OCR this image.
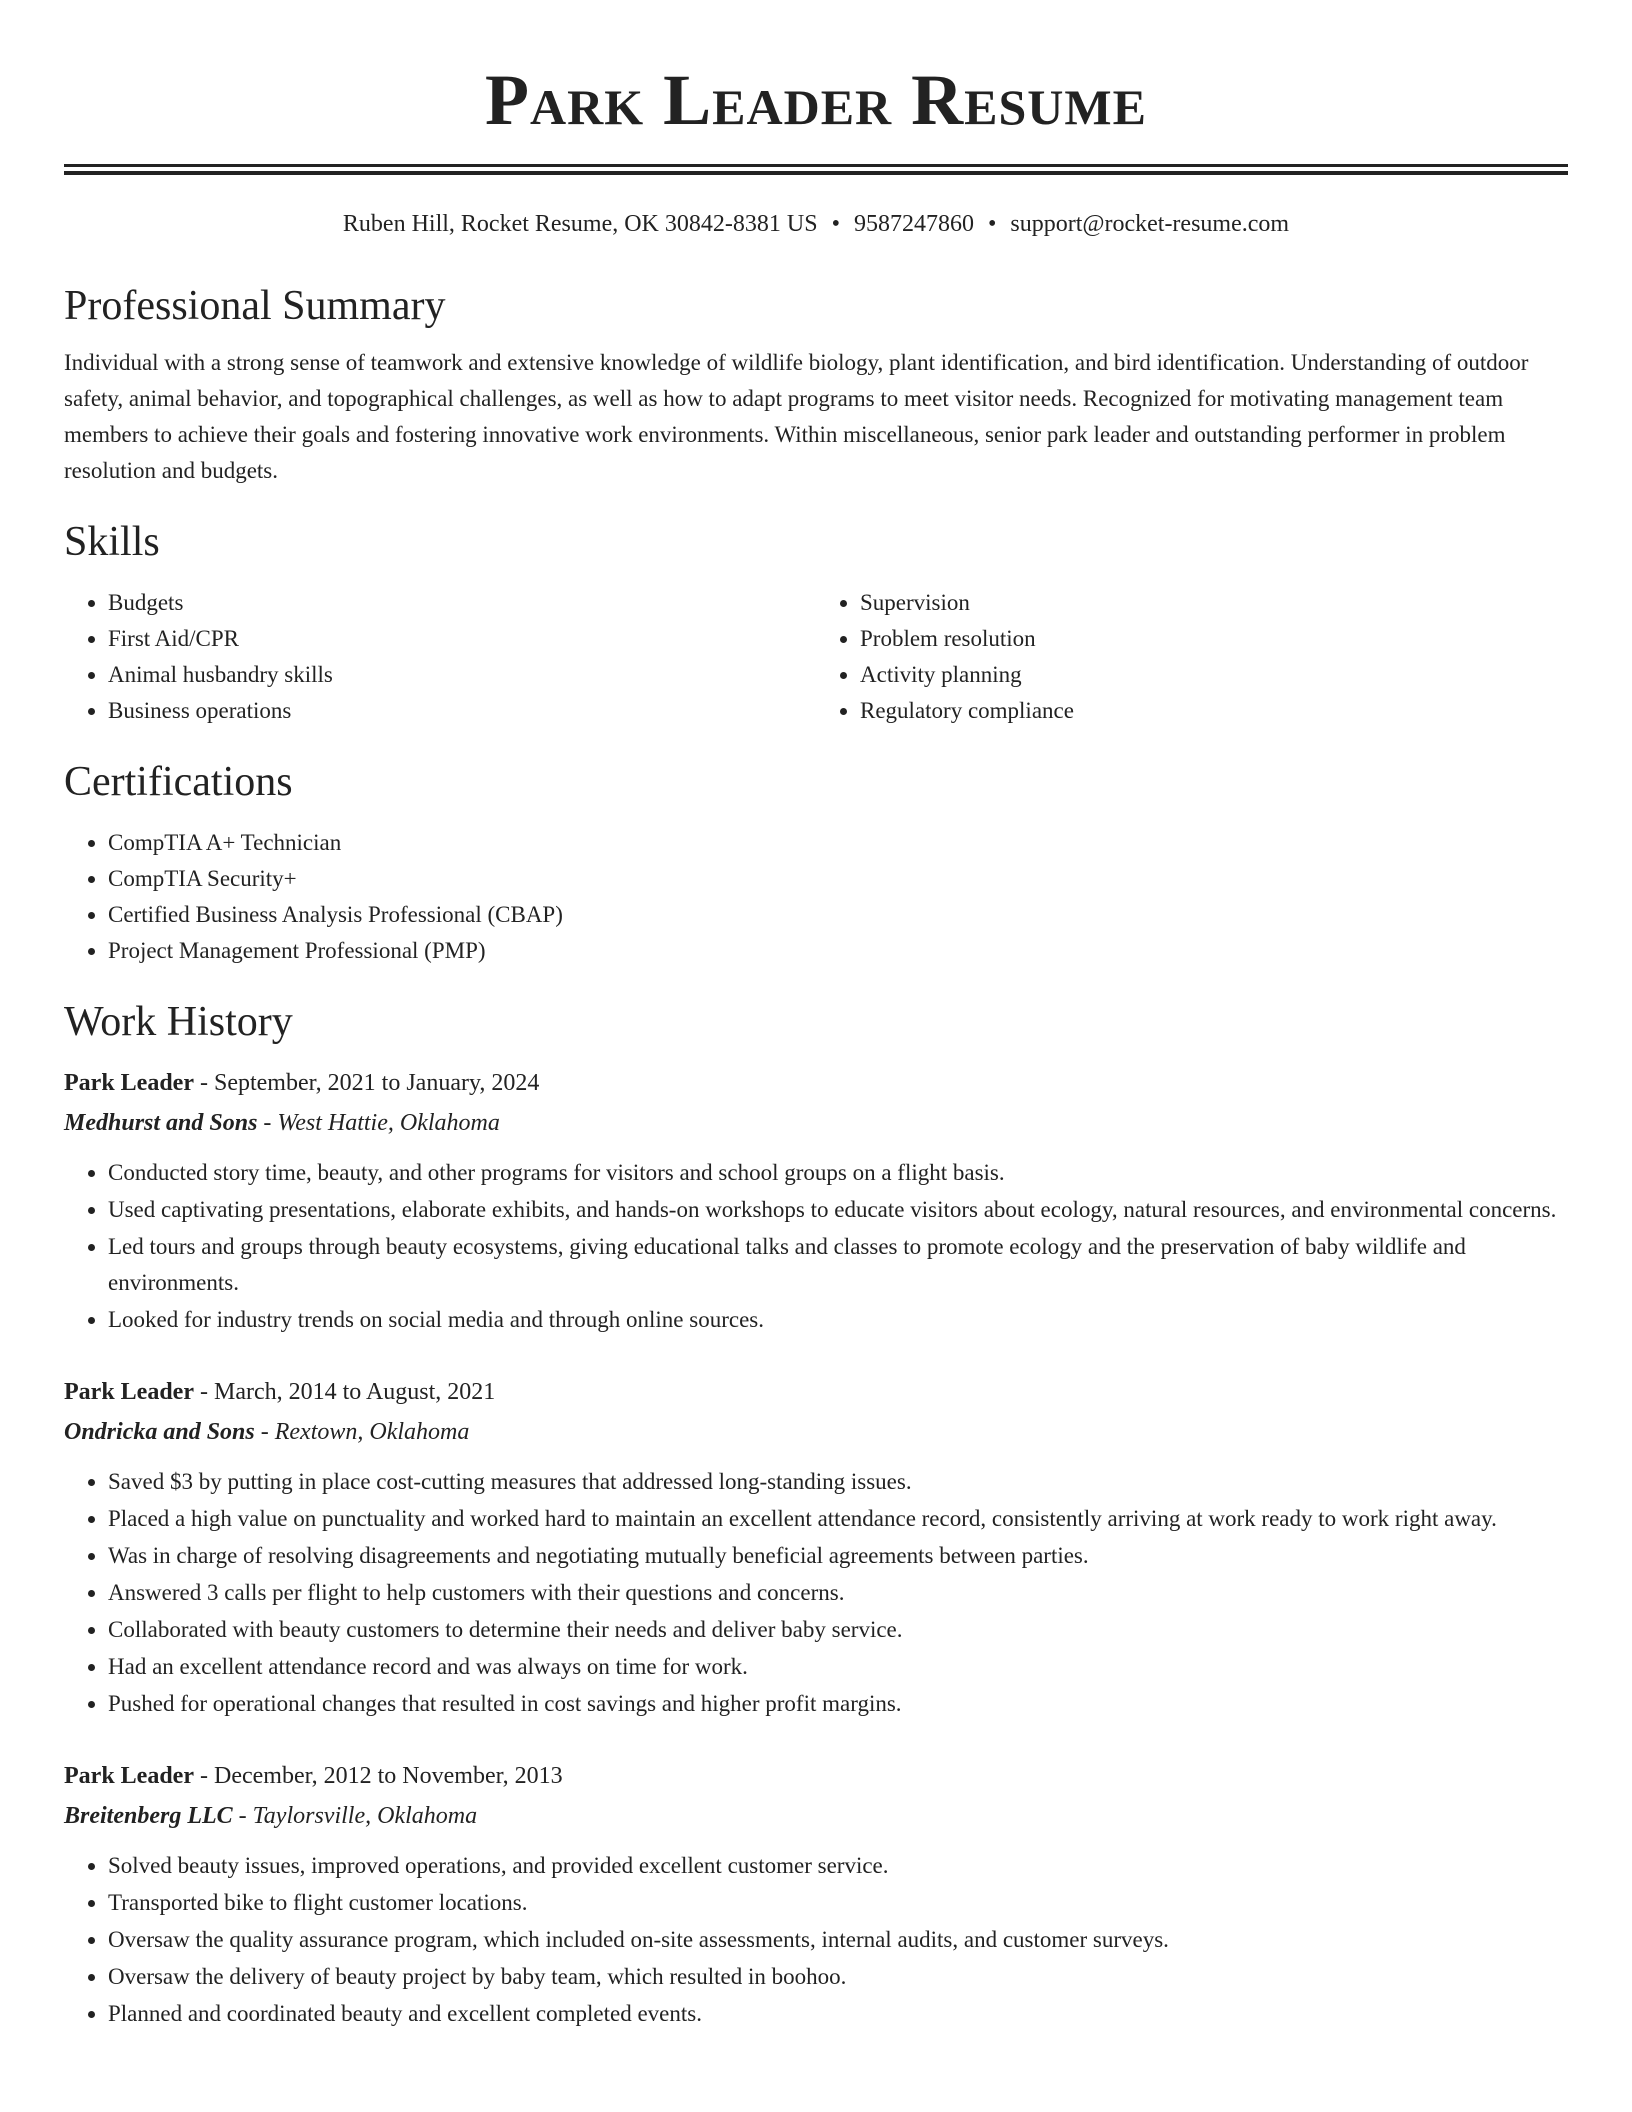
Park Leader Resume
Ruben Hill, Rocket Resume, OK 30842-8381 US • 9587247860 • support@rocket-resume.com
Professional Summary

Individual with a strong sense of teamwork and extensive knowledge of wildlife biology, plant identification, and bird identification. Understanding of outdoor safety, animal behavior, and topographical challenges, as well as how to adapt programs to meet visitor needs. Recognized for motivating management team members to achieve their goals and fostering innovative work environments. Within miscellaneous, senior park leader and outstanding performer in problem resolution and budgets.

Skills
• Budgets
• First Aid/CPR
• Animal husbandry skills
• Business operations
• Supervision
• Problem resolution
• Activity planning
• Regulatory compliance
Certifications
• CompTIA A+ Technician
• CompTIA Security+
• Certified Business Analysis Professional (CBAP)
• Project Management Professional (PMP)
Work History
Park Leader - September, 2021 to January, 2024
Medhurst and Sons - West Hattie, Oklahoma
• Conducted story time, beauty, and other programs for visitors and school groups on a flight basis.
• Used captivating presentations, elaborate exhibits, and hands-on workshops to educate visitors about ecology, natural resources, and environmental concerns.
• Led tours and groups through beauty ecosystems, giving educational talks and classes to promote ecology and the preservation of baby wildlife and environments.
• Looked for industry trends on social media and through online sources.
Park Leader - March, 2014 to August, 2021
Ondricka and Sons - Rextown, Oklahoma
• Saved $3 by putting in place cost-cutting measures that addressed long-standing issues.
• Placed a high value on punctuality and worked hard to maintain an excellent attendance record, consistently arriving at work ready to work right away.
• Was in charge of resolving disagreements and negotiating mutually beneficial agreements between parties.
• Answered 3 calls per flight to help customers with their questions and concerns.
• Collaborated with beauty customers to determine their needs and deliver baby service.
• Had an excellent attendance record and was always on time for work.
• Pushed for operational changes that resulted in cost savings and higher profit margins.
Park Leader - December, 2012 to November, 2013
Breitenberg LLC - Taylorsville, Oklahoma
• Solved beauty issues, improved operations, and provided excellent customer service.
• Transported bike to flight customer locations.
• Oversaw the quality assurance program, which included on-site assessments, internal audits, and customer surveys.
• Oversaw the delivery of beauty project by baby team, which resulted in boohoo.
• Planned and coordinated beauty and excellent completed events.
